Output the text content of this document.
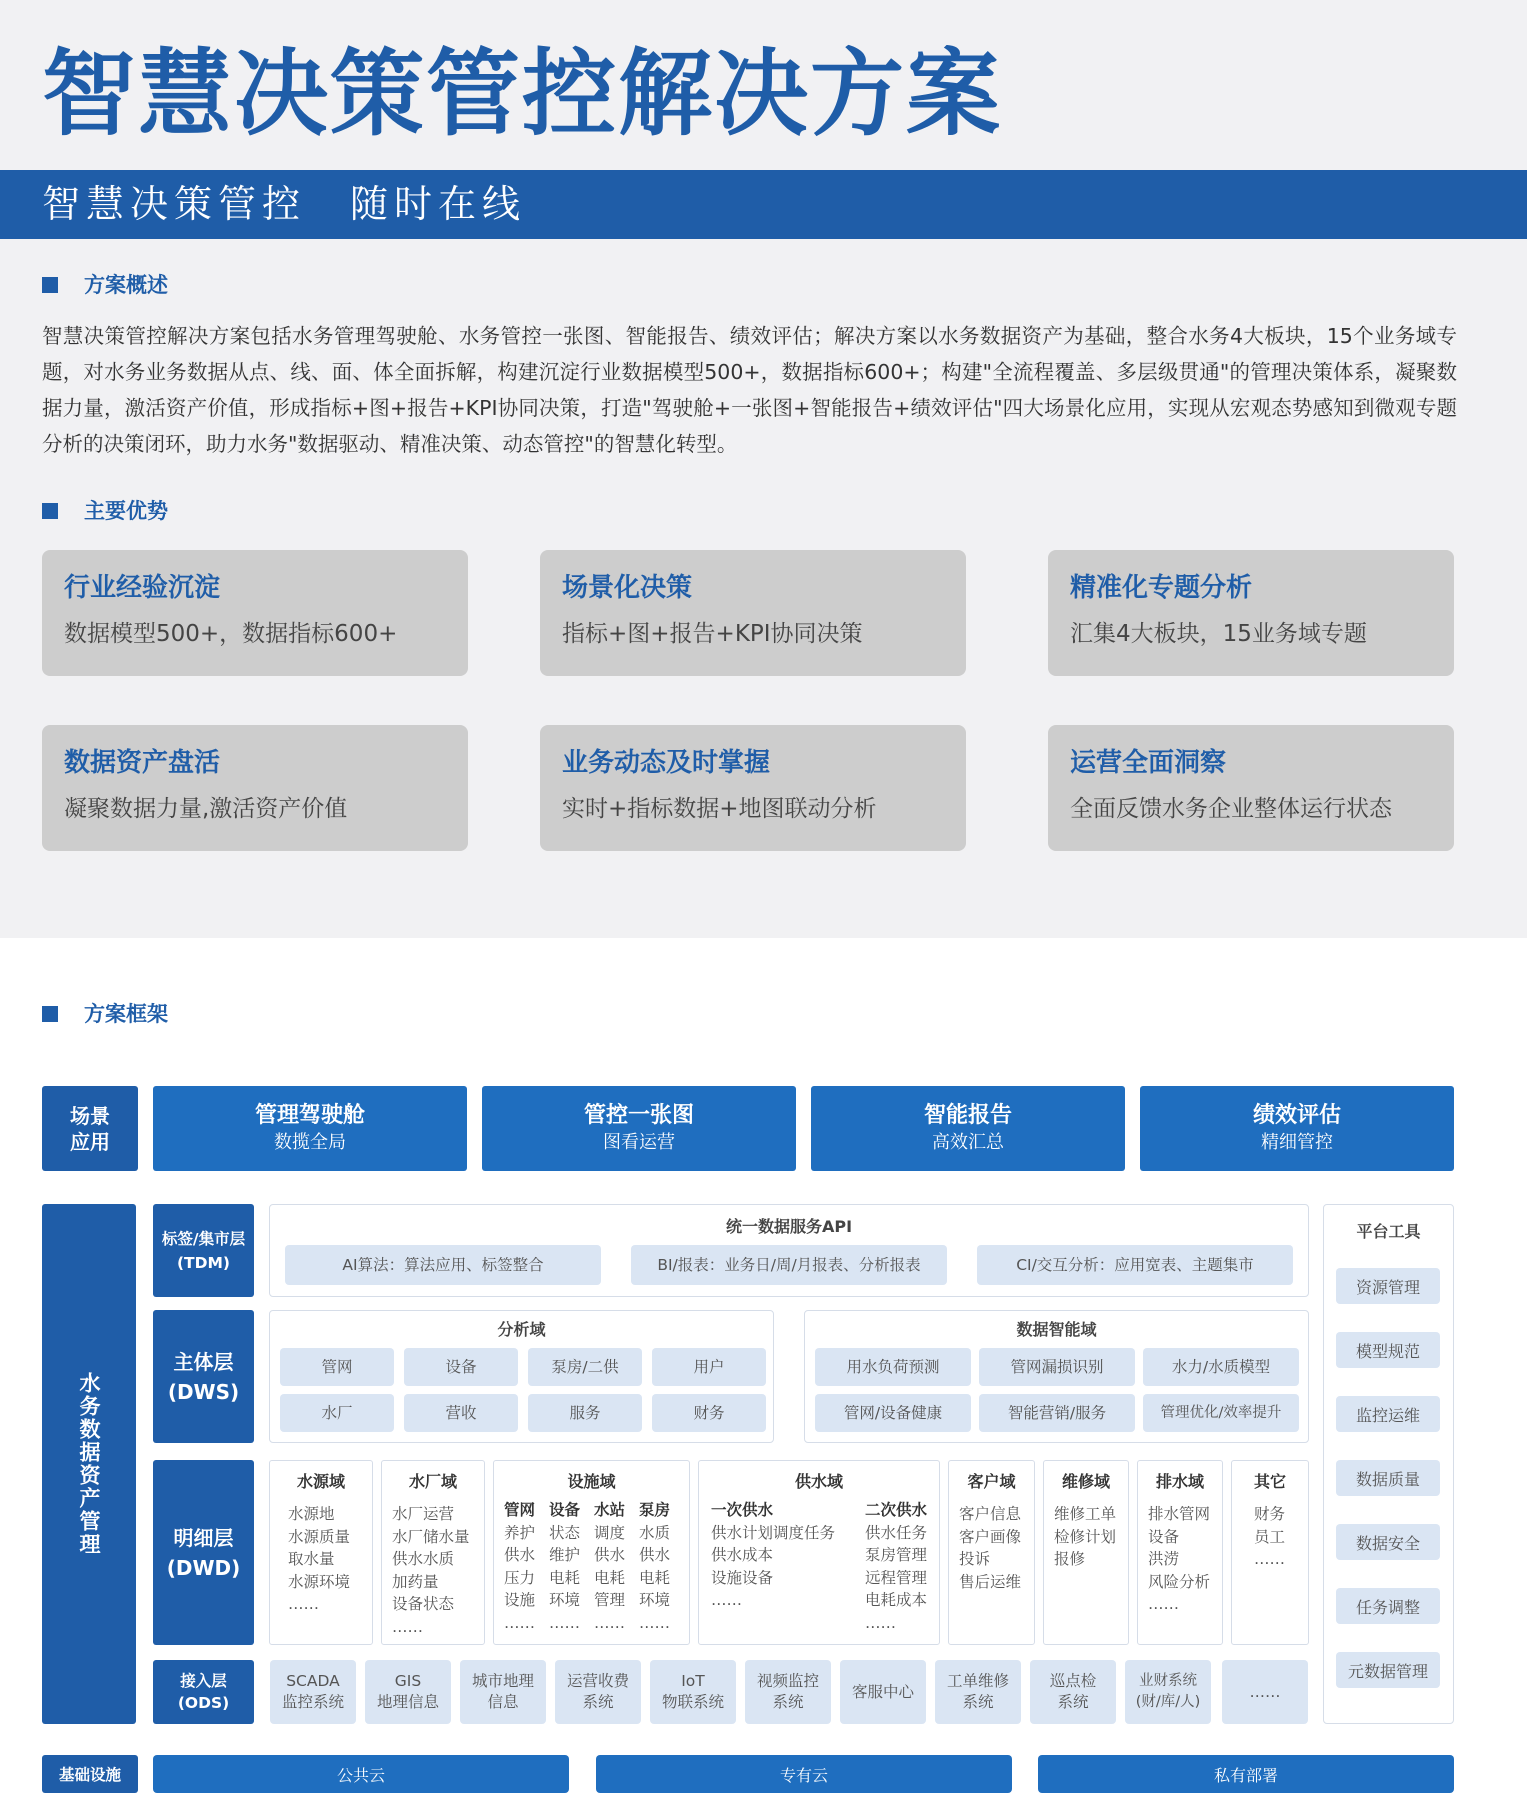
智慧决策管控解决方案
智慧决策管控　随时在线
方案概述
智慧决策管控解决方案包括水务管理驾驶舱、水务管控一张图、智能报告、绩效评估；解决方案以水务数据资产为基础，整合水务4大板块，15个业务域专题，对水务业务数据从点、线、面、体全面拆解，构建沉淀行业数据模型500+，数据指标600+；构建"全流程覆盖、多层级贯通"的管理决策体系，凝聚数据力量，激活资产价值，形成指标+图+报告+KPI协同决策，打造"驾驶舱+一张图+智能报告+绩效评估"四大场景化应用，实现从宏观态势感知到微观专题分析的决策闭环，助力水务"数据驱动、精准决策、动态管控"的智慧化转型。
主要优势
行业经验沉淀
数据模型500+，数据指标600+
场景化决策
指标+图+报告+KPI协同决策
精准化专题分析
汇集4大板块，15业务域专题
数据资产盘活
凝聚数据力量,激活资产价值
业务动态及时掌握
实时+指标数据+地图联动分析
运营全面洞察
全面反馈水务企业整体运行状态
方案框架
场景
应用
管理驾驶舱
数揽全局
管控一张图
图看运营
智能报告
高效汇总
绩效评估
精细管控
水务数据资产管理
标签/集市层
(TDM)
主体层
(DWS)
明细层
(DWD)
接入层
(ODS)
统一数据服务API
AI算法：算法应用、标签整合	BI/报表：业务日/周/月报表、分析报表	CI/交互分析：应用宽表、主题集市
分析域
管网	设备	泵房/二供	用户
水厂	营收	服务	财务
数据智能域
用水负荷预测	管网漏损识别	水力/水质模型
管网/设备健康	智能营销/服务	管理优化/效率提升
水源域
水源地
水源质量
取水量
水源环境
……
水厂域
水厂运营
水厂储水量
供水水质
加药量
设备状态
……
设施域
管网 设备 水站 泵房
养护 状态 调度 水质
供水 维护 供水 供水
压力 电耗 电耗 电耗
设施 环境 管理 环境
…… …… …… ……
供水域
一次供水
供水计划调度任务
供水成本
设施设备
……
二次供水
供水任务
泵房管理
远程管理
电耗成本
……
客户域
客户信息
客户画像
投诉
售后运维
维修域
维修工单
检修计划
报修
排水域
排水管网
设备
洪涝
风险分析
……
其它
财务
员工
……
SCADA
监控系统
GIS
地理信息
城市地理
信息
运营收费
系统
IoT
物联系统
视频监控
系统
客服中心
工单维修
系统
巡点检
系统
业财系统
(财/库/人)
……
平台工具
资源管理
模型规范
监控运维
数据质量
数据安全
任务调整
元数据管理
基础设施	公共云	专有云	私有部署
